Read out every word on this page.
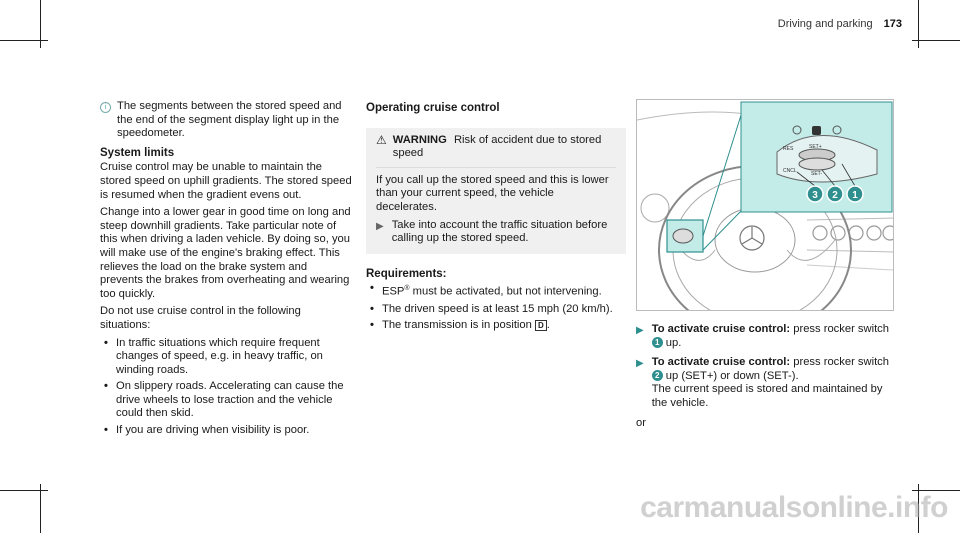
Driving and parking 173
i The segments between the stored speed and the end of the segment display light up in the speedometer.

System limits

Cruise control may be unable to maintain the stored speed on uphill gradients. The stored speed is resumed when the gradient evens out.

Change into a lower gear in good time on long and steep downhill gradients. Take particular note of this when driving a laden vehicle. By doing so, you will make use of the engine's braking effect. This relieves the load on the brake system and prevents the brakes from overheating and wearing too quickly.

Do not use cruise control in the following situations:

• In traffic situations which require frequent changes of speed, e.g. in heavy traffic, on winding roads.
• On slippery roads. Accelerating can cause the drive wheels to lose traction and the vehicle could then skid.
• If you are driving when visibility is poor.
Operating cruise control
⚠ WARNING Risk of accident due to stored speed

If you call up the stored speed and this is lower than your current speed, the vehicle decelerates.

▶ Take into account the traffic situation before calling up the stored speed.
Requirements:
• ESP® must be activated, but not intervening.
• The driven speed is at least 15 mph (20 km/h).
• The transmission is in position D .
RES	SET+
CNCL	SET-
3 2 1
▶ To activate cruise control: press rocker switch 1 up.
▶ To activate cruise control: press rocker switch 2 up (SET+) or down (SET-).
The current speed is stored and maintained by the vehicle.

or

carmanualsonline.info
